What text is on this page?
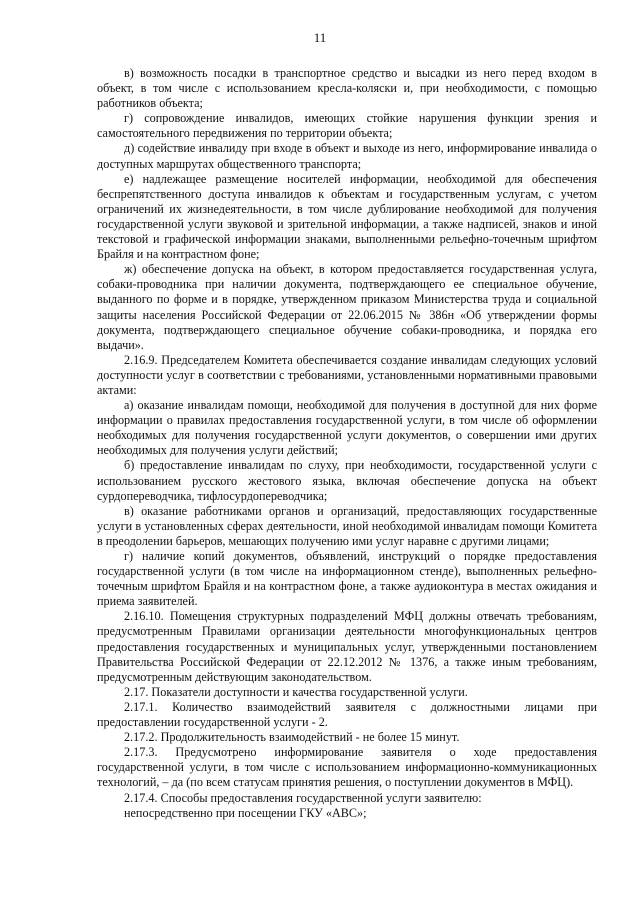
11

в) возможность посадки в транспортное средство и высадки из него перед входом в объект, в том числе с использованием кресла-коляски и, при необходимости, с помощью работников объекта;

г) сопровождение инвалидов, имеющих стойкие нарушения функции зрения и самостоятельного передвижения по территории объекта;

д) содействие инвалиду при входе в объект и выходе из него, информирование инвалида о доступных маршрутах общественного транспорта;

е) надлежащее размещение носителей информации, необходимой для обеспечения беспрепятственного доступа инвалидов к объектам и государственным услугам, с учетом ограничений их жизнедеятельности, в том числе дублирование необходимой для получения государственной услуги звуковой и зрительной информации, а также надписей, знаков и иной текстовой и графической информации знаками, выполненными рельефно-точечным шрифтом Брайля и на контрастном фоне;

ж) обеспечение допуска на объект, в котором предоставляется государственная услуга, собаки-проводника при наличии документа, подтверждающего ее специальное обучение, выданного по форме и в порядке, утвержденном приказом Министерства труда и социальной защиты населения Российской Федерации от 22.06.2015 № 386н «Об утверждении формы документа, подтверждающего специальное обучение собаки-проводника, и порядка его выдачи».

2.16.9. Председателем Комитета обеспечивается создание инвалидам следующих условий доступности услуг в соответствии с требованиями, установленными нормативными правовыми актами:

а) оказание инвалидам помощи, необходимой для получения в доступной для них форме информации о правилах предоставления государственной услуги, в том числе об оформлении необходимых для получения государственной услуги документов, о совершении ими других необходимых для получения услуги действий;

б) предоставление инвалидам по слуху, при необходимости, государственной услуги с использованием русского жестового языка, включая обеспечение допуска на объект сурдопереводчика, тифлосурдопереводчика;

в) оказание работниками органов и организаций, предоставляющих государственные услуги в установленных сферах деятельности, иной необходимой инвалидам помощи Комитета в преодолении барьеров, мешающих получению ими услуг наравне с другими лицами;

г) наличие копий документов, объявлений, инструкций о порядке предоставления государственной услуги (в том числе на информационном стенде), выполненных рельефно-точечным шрифтом Брайля и на контрастном фоне, а также аудиоконтура в местах ожидания и приема заявителей.

2.16.10. Помещения структурных подразделений МФЦ должны отвечать требованиям, предусмотренным Правилами организации деятельности многофункциональных центров предоставления государственных и муниципальных услуг, утвержденными постановлением Правительства Российской Федерации от 22.12.2012 № 1376, а также иным требованиям, предусмотренным действующим законодательством.

2.17. Показатели доступности и качества государственной услуги.

2.17.1. Количество взаимодействий заявителя с должностными лицами при предоставлении государственной услуги - 2.

2.17.2. Продолжительность взаимодействий - не более 15 минут.

2.17.3. Предусмотрено информирование заявителя о ходе предоставления государственной услуги, в том числе с использованием информационно-коммуникационных технологий, – да (по всем статусам принятия решения, о поступлении документов в МФЦ).

2.17.4. Способы предоставления государственной услуги заявителю:

непосредственно при посещении ГКУ «АВС»;
